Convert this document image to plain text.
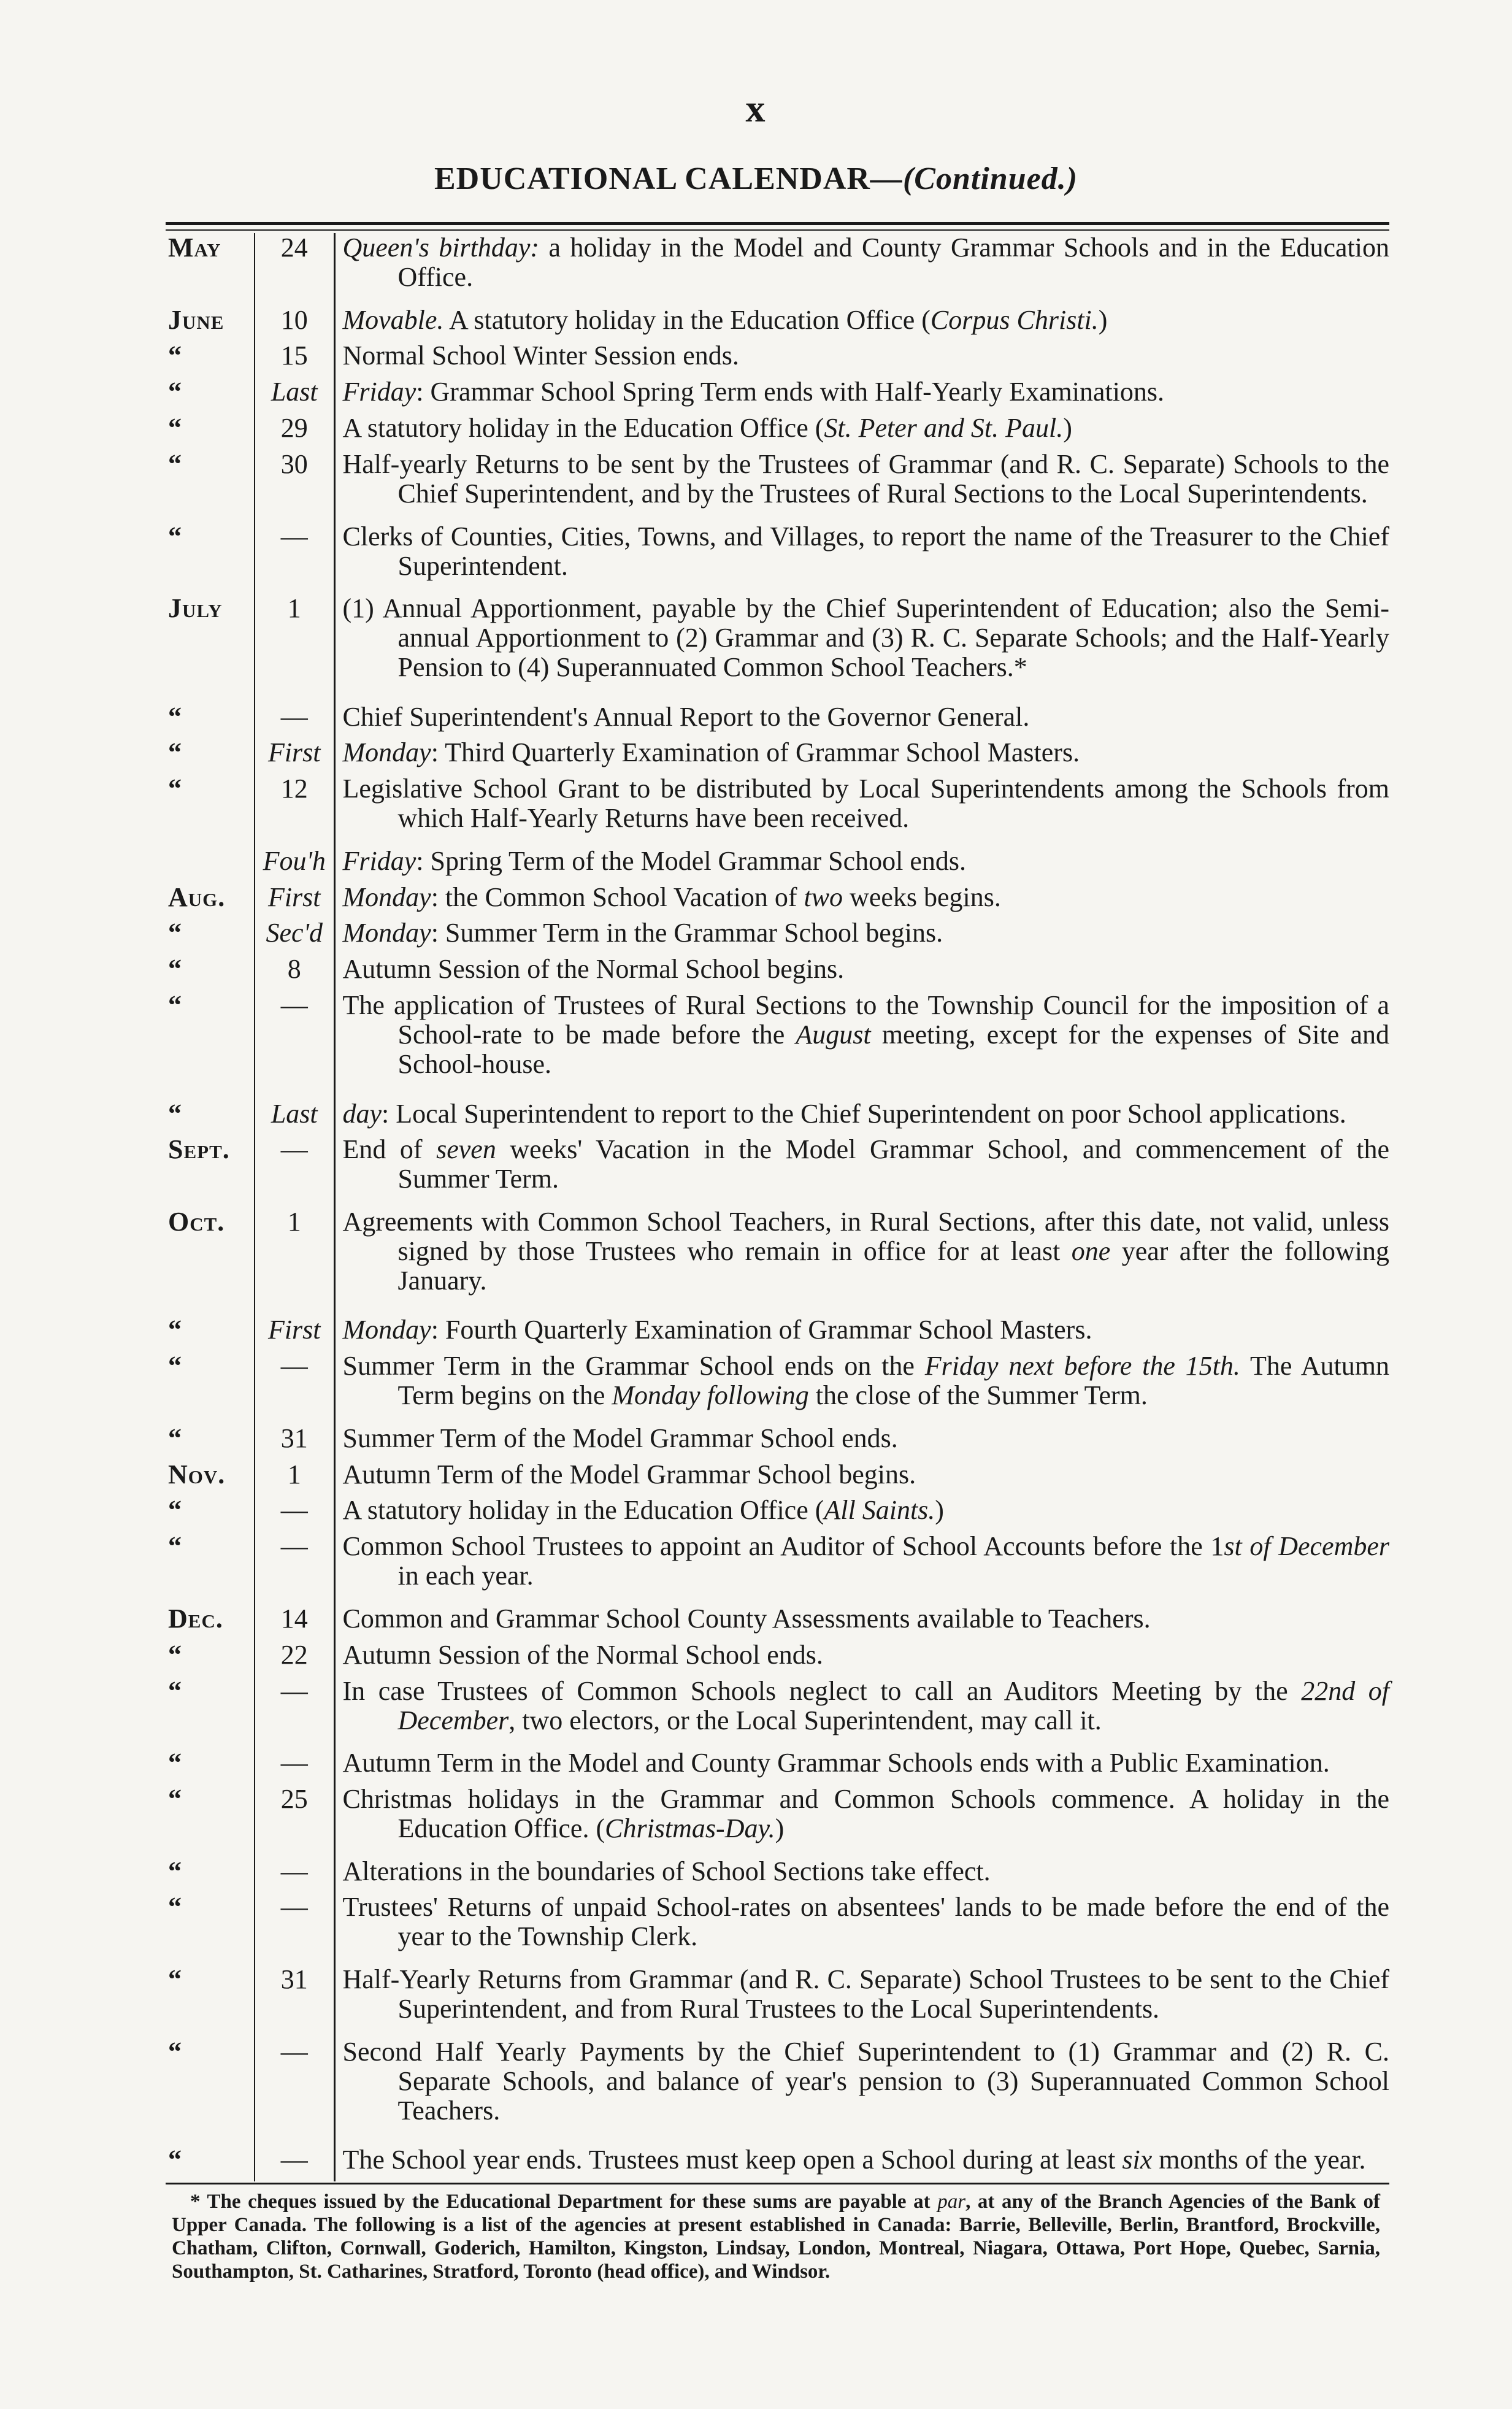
x
EDUCATIONAL CALENDAR—(Continued.)
May	24	Queen's birthday: a holiday in the Model and County Grammar Schools and in the Education Office.

June	10	Movable. A statutory holiday in the Education Office (Corpus Christi.)

“	15	Normal School Winter Session ends.

“	Last	Friday: Grammar School Spring Term ends with Half-Yearly Examinations.

“	29	A statutory holiday in the Education Office (St. Peter and St. Paul.)

“	30	Half-yearly Returns to be sent by the Trustees of Grammar (and R. C. Separate) Schools to the Chief Superintendent, and by the Trustees of Rural Sections to the Local Superintendents.

“	—	Clerks of Counties, Cities, Towns, and Villages, to report the name of the Treasurer to the Chief Superintendent.

July	1	(1) Annual Apportionment, payable by the Chief Superintendent of Education; also the Semi-annual Apportionment to (2) Grammar and (3) R. C. Separate Schools; and the Half-Yearly Pension to (4) Superannuated Common School Teachers.*

“	—	Chief Superintendent's Annual Report to the Governor General.

“	First	Monday: Third Quarterly Examination of Grammar School Masters.

“	12	Legislative School Grant to be distributed by Local Superintendents among the Schools from which Half-Yearly Returns have been received.

	Fou'h	Friday: Spring Term of the Model Grammar School ends.

Aug.	First	Monday: the Common School Vacation of two weeks begins.

“	Sec'd	Monday: Summer Term in the Grammar School begins.

“	8	Autumn Session of the Normal School begins.

“	—	The application of Trustees of Rural Sections to the Township Council for the imposition of a School-rate to be made before the August meeting, except for the expenses of Site and School-house.

“	Last	day: Local Superintendent to report to the Chief Superintendent on poor School applications.

Sept.	—	End of seven weeks' Vacation in the Model Grammar School, and commencement of the Summer Term.

Oct.	1	Agreements with Common School Teachers, in Rural Sections, after this date, not valid, unless signed by those Trustees who remain in office for at least one year after the following January.

“	First	Monday: Fourth Quarterly Examination of Grammar School Masters.

“	—	Summer Term in the Grammar School ends on the Friday next before the 15th. The Autumn Term begins on the Monday following the close of the Summer Term.

“	31	Summer Term of the Model Grammar School ends.

Nov.	1	Autumn Term of the Model Grammar School begins.

“	—	A statutory holiday in the Education Office (All Saints.)

“	—	Common School Trustees to appoint an Auditor of School Accounts before the 1st of December in each year.

Dec.	14	Common and Grammar School County Assessments available to Teachers.

“	22	Autumn Session of the Normal School ends.

“	—	In case Trustees of Common Schools neglect to call an Auditors Meeting by the 22nd of December, two electors, or the Local Superintendent, may call it.

“	—	Autumn Term in the Model and County Grammar Schools ends with a Public Examination.

“	25	Christmas holidays in the Grammar and Common Schools commence. A holiday in the Education Office. (Christmas-Day.)

“	—	Alterations in the boundaries of School Sections take effect.

“	—	Trustees' Returns of unpaid School-rates on absentees' lands to be made before the end of the year to the Township Clerk.

“	31	Half-Yearly Returns from Grammar (and R. C. Separate) School Trustees to be sent to the Chief Superintendent, and from Rural Trustees to the Local Superintendents.

“	—	Second Half Yearly Payments by the Chief Superintendent to (1) Grammar and (2) R. C. Separate Schools, and balance of year's pension to (3) Superannuated Common School Teachers.

“	—	The School year ends. Trustees must keep open a School during at least six months of the year.
* The cheques issued by the Educational Department for these sums are payable at par, at any of the Branch Agencies of the Bank of Upper Canada. The following is a list of the agencies at present established in Canada: Barrie, Belleville, Berlin, Brantford, Brockville, Chatham, Clifton, Cornwall, Goderich, Hamilton, Kingston, Lindsay, London, Montreal, Niagara, Ottawa, Port Hope, Quebec, Sarnia, Southampton, St. Catharines, Stratford, Toronto (head office), and Windsor.
